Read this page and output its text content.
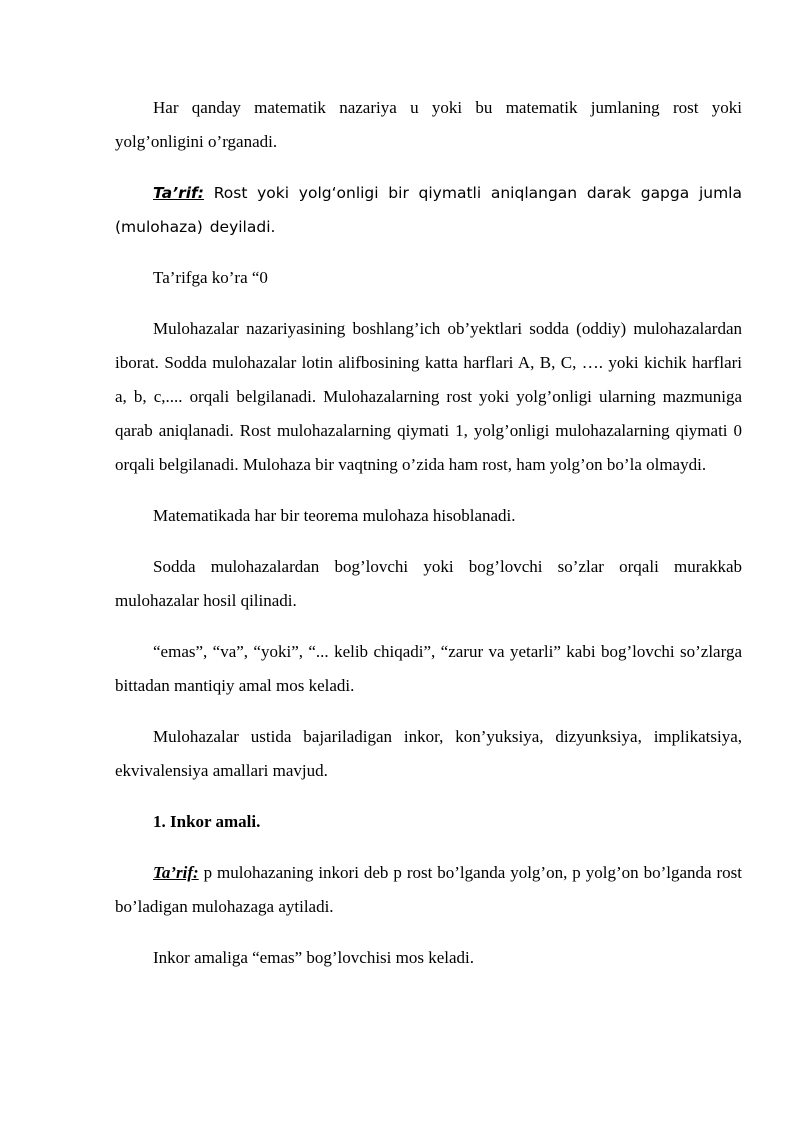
Har qanday matematik nazariya u yoki bu matematik jumlaning rost yoki yolg’onligini o’rganadi.

Ta’rif: Rost yoki yolg‘onligi bir qiymatli aniqlangan darak gapga jumla (mulohaza) deyiladi.

Ta’rifga ko’ra “0

Mulohazalar nazariyasining boshlang’ich ob’yektlari sodda (oddiy) mulohazalardan iborat. Sodda mulohazalar lotin alifbosining katta harflari A, B, C, …. yoki kichik harflari a, b, c,.... orqali belgilanadi. Mulohazalarning rost yoki yolg’onligi ularning mazmuniga qarab aniqlanadi. Rost mulohazalarning qiymati 1, yolg’onligi mulohazalarning qiymati 0 orqali belgilanadi. Mulohaza bir vaqtning o’zida ham rost, ham yolg’on bo’la olmaydi.

Matematikada har bir teorema mulohaza hisoblanadi.

Sodda mulohazalardan bog’lovchi yoki bog’lovchi so’zlar orqali murakkab mulohazalar hosil qilinadi.

“emas”, “va”, “yoki”, “... kelib chiqadi”, “zarur va yetarli” kabi bog’lovchi so’zlarga bittadan mantiqiy amal mos keladi.

Mulohazalar ustida bajariladigan inkor, kon’yuksiya, dizyunksiya, implikatsiya, ekvivalensiya amallari mavjud.

1. Inkor amali.

Ta’rif: p mulohazaning inkori deb p rost bo’lganda yolg’on, p yolg’on bo’lganda rost bo’ladigan mulohazaga aytiladi.

Inkor amaliga “emas” bog’lovchisi mos keladi.
